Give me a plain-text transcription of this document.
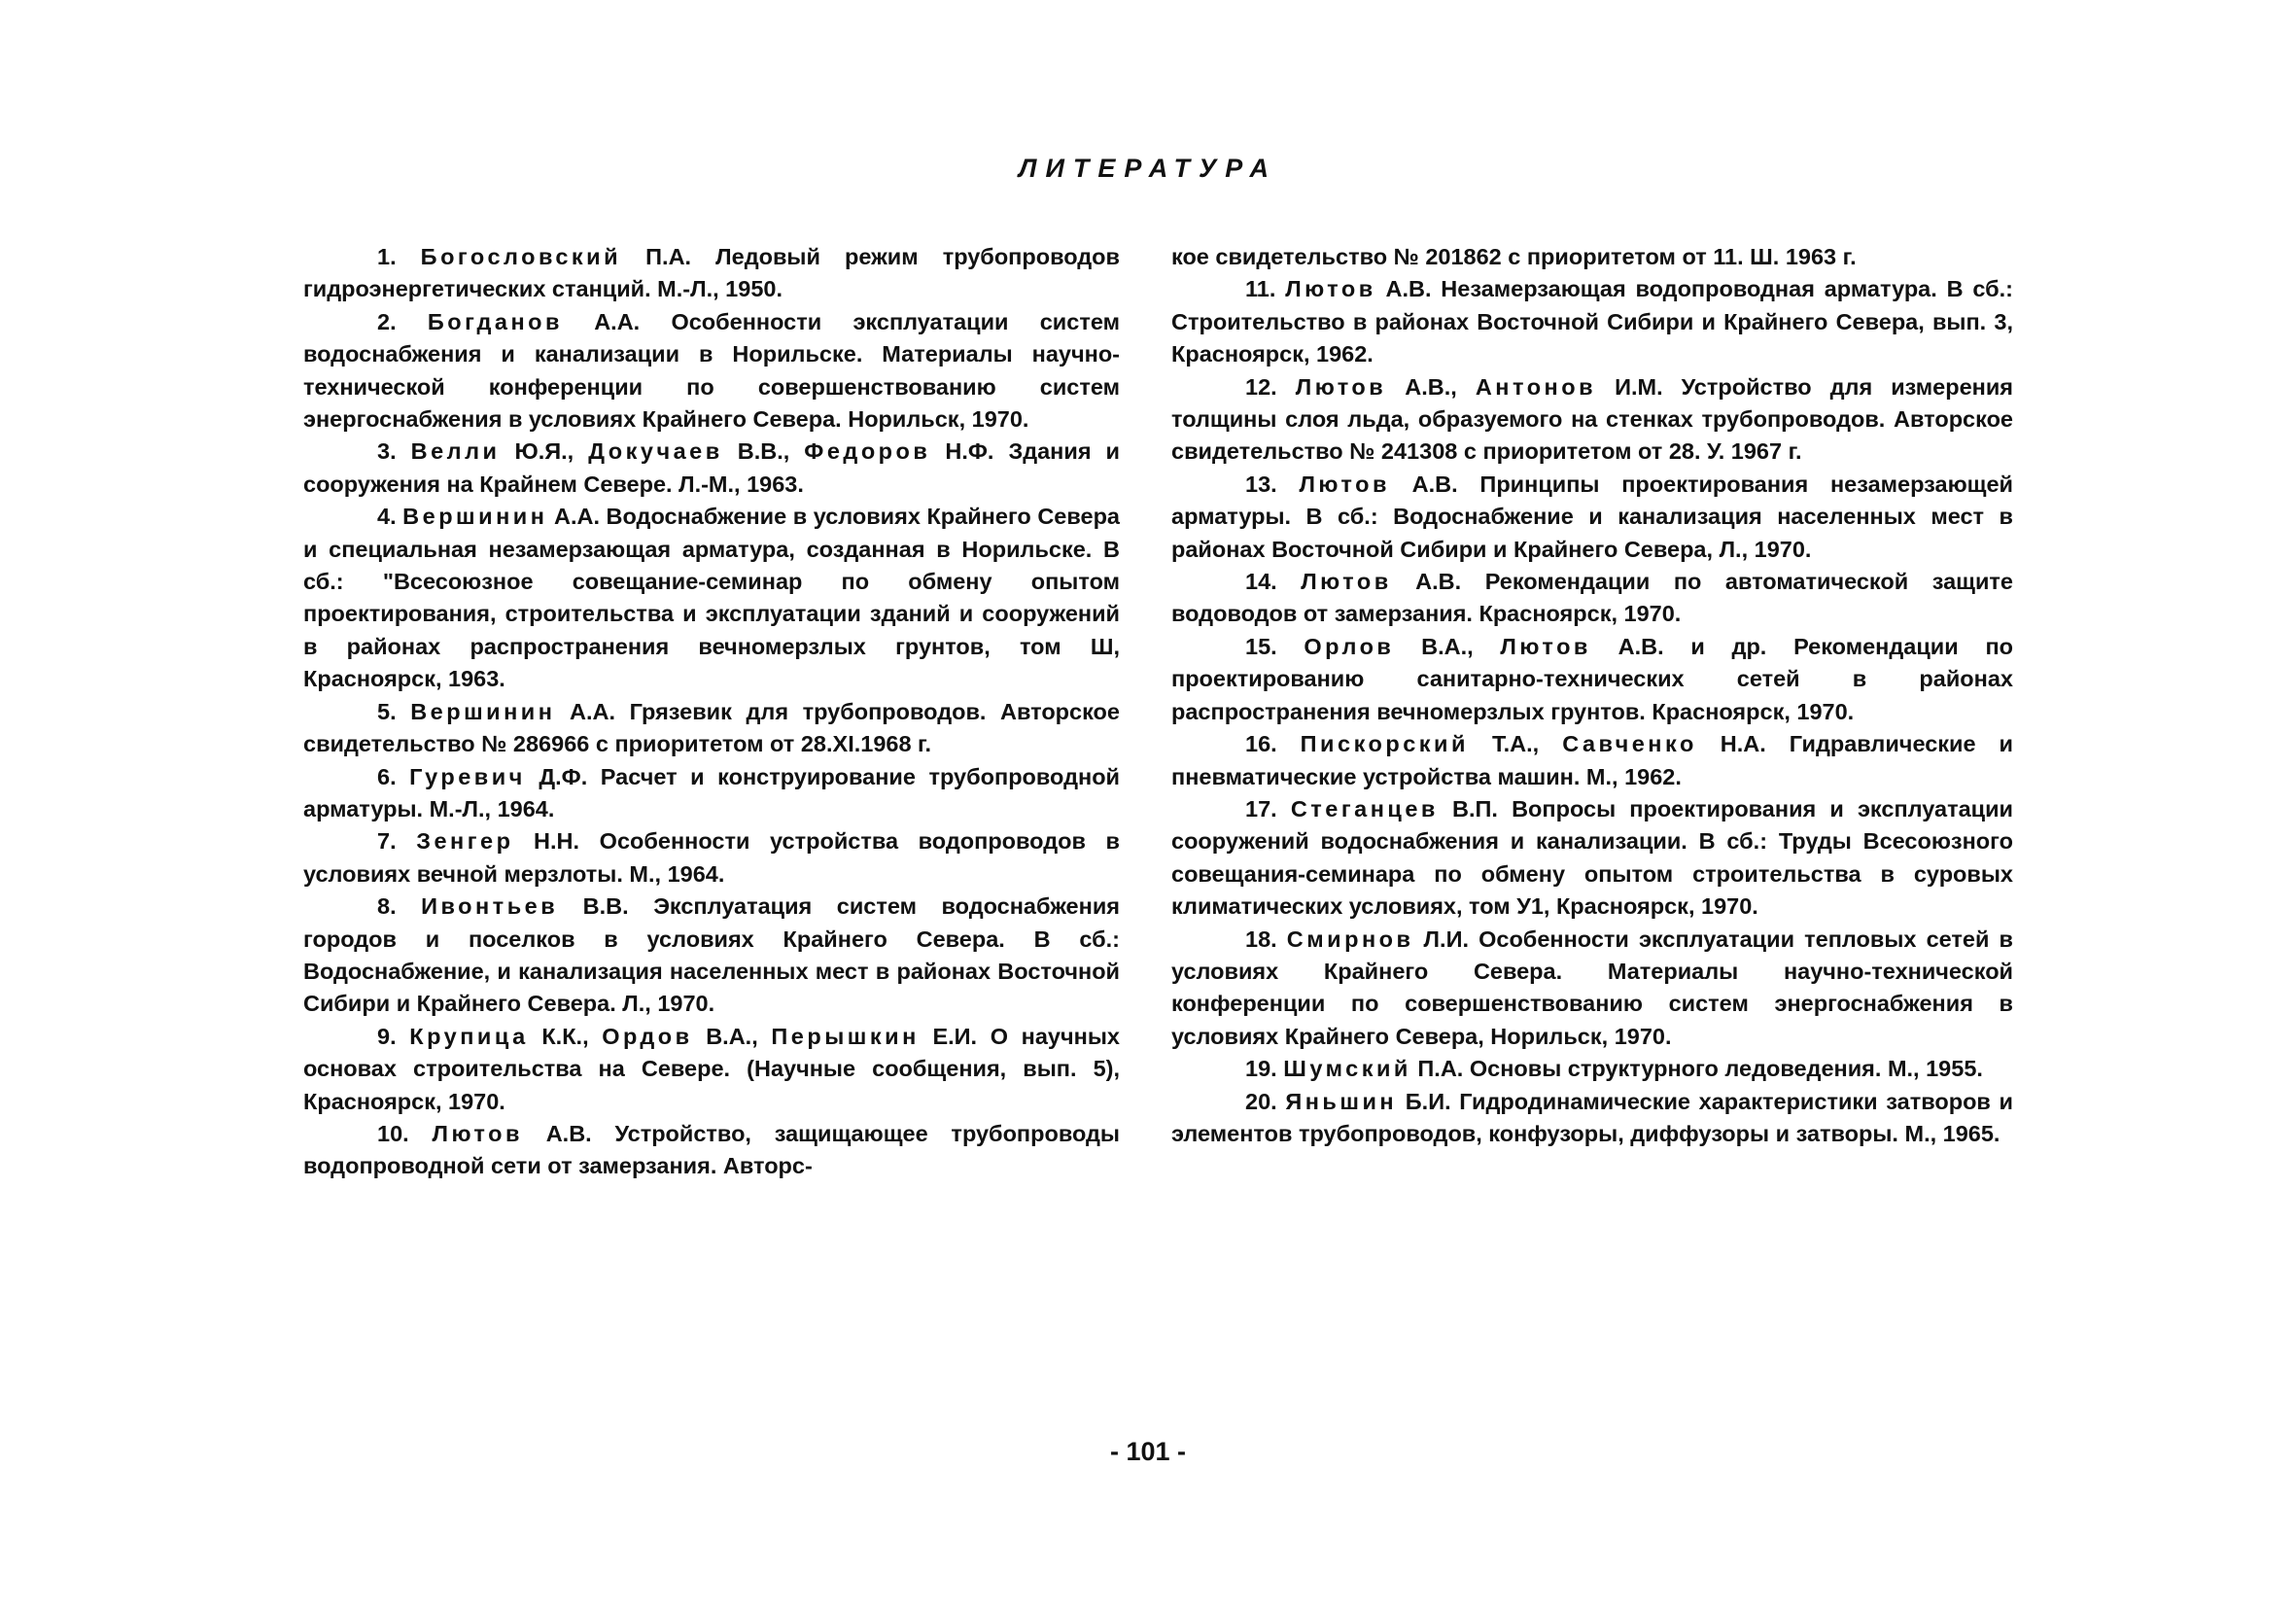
ЛИТЕРАТУРА

1. Богословский П.А. Ледовый режим трубопроводов гидроэнергетических станций. М.-Л., 1950.

2. Богданов А.А. Особенности эксплуатации систем водоснабжения и канализации в Норильске. Материалы научно-технической конференции по совершенствованию систем энергоснабжения в условиях Крайнего Севера. Норильск, 1970.

3. Велли Ю.Я., Докучаев В.В., Федоров Н.Ф. Здания и сооружения на Крайнем Севере. Л.-М., 1963.

4. Вершинин А.А. Водоснабжение в условиях Крайнего Севера и специальная незамерзающая арматура, созданная в Норильске. В сб.: "Всесоюзное совещание-семинар по обмену опытом проектирования, строительства и эксплуатации зданий и сооружений в районах распространения вечномерзлых грунтов, том Ш, Красноярск, 1963.

5. Вершинин А.А. Грязевик для трубопроводов. Авторское свидетельство № 286966 с приоритетом от 28.XI.1968 г.

6. Гуревич Д.Ф. Расчет и конструирование трубопроводной арматуры. М.-Л., 1964.

7. Зенгер Н.Н. Особенности устройства водопроводов в условиях вечной мерзлоты. М., 1964.

8. Ивонтьев В.В. Эксплуатация систем водоснабжения городов и поселков в условиях Крайнего Севера. В сб.: Водоснабжение, и канализация населенных мест в районах Восточной Сибири и Крайнего Севера. Л., 1970.

9. Крупица К.К., Ордов В.А., Перышкин Е.И. О научных основах строительства на Севере. (Научные сообщения, вып. 5), Красноярск, 1970.

10. Лютов А.В. Устройство, защищающее трубопроводы водопроводной сети от замерзания. Авторс-

кое свидетельство № 201862 с приоритетом от 11. Ш. 1963 г.

11. Лютов А.В. Незамерзающая водопроводная арматура. В сб.: Строительство в районах Восточной Сибири и Крайнего Севера, вып. 3, Красноярск, 1962.

12. Лютов А.В., Антонов И.М. Устройство для измерения толщины слоя льда, образуемого на стенках трубопроводов. Авторское свидетельство № 241308 с приоритетом от 28. У. 1967 г.

13. Лютов А.В. Принципы проектирования незамерзающей арматуры. В сб.: Водоснабжение и канализация населенных мест в районах Восточной Сибири и Крайнего Севера, Л., 1970.

14. Лютов А.В. Рекомендации по автоматической защите водоводов от замерзания. Красноярск, 1970.

15. Орлов В.А., Лютов А.В. и др. Рекомендации по проектированию санитарно-технических сетей в районах распространения вечномерзлых грунтов. Красноярск, 1970.

16. Пискорский Т.А., Савченко Н.А. Гидравлические и пневматические устройства машин. М., 1962.

17. Стеганцев В.П. Вопросы проектирования и эксплуатации сооружений водоснабжения и канализации. В сб.: Труды Всесоюзного совещания-семинара по обмену опытом строительства в суровых климатических условиях, том У1, Красноярск, 1970.

18. Смирнов Л.И. Особенности эксплуатации тепловых сетей в условиях Крайнего Севера. Материалы научно-технической конференции по совершенствованию систем энергоснабжения в условиях Крайнего Севера, Норильск, 1970.

19. Шумский П.А. Основы структурного ледоведения. М., 1955.

20. Яньшин Б.И. Гидродинамические характеристики затворов и элементов трубопроводов, конфузоры, диффузоры и затворы. М., 1965.

- 101 -
